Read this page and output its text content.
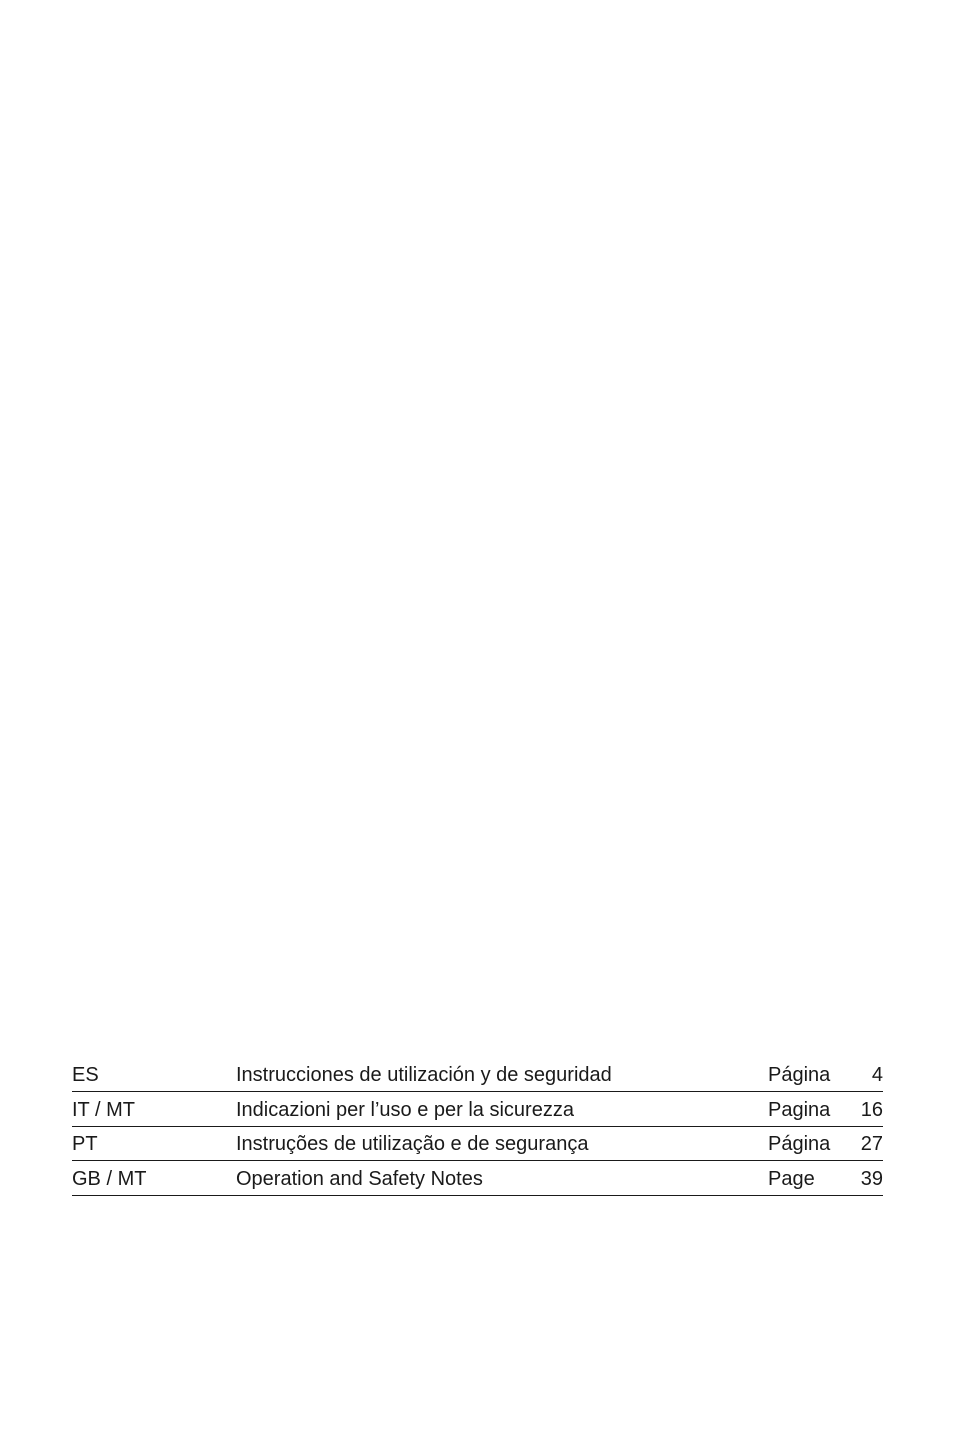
ES	Instrucciones de utilización y de seguridad	Página 4
IT / MT	Indicazioni per l’uso e per la sicurezza	Pagina 16
PT	Instruções de utilização e de segurança	Página 27
GB / MT	Operation and Safety Notes	Page 39
